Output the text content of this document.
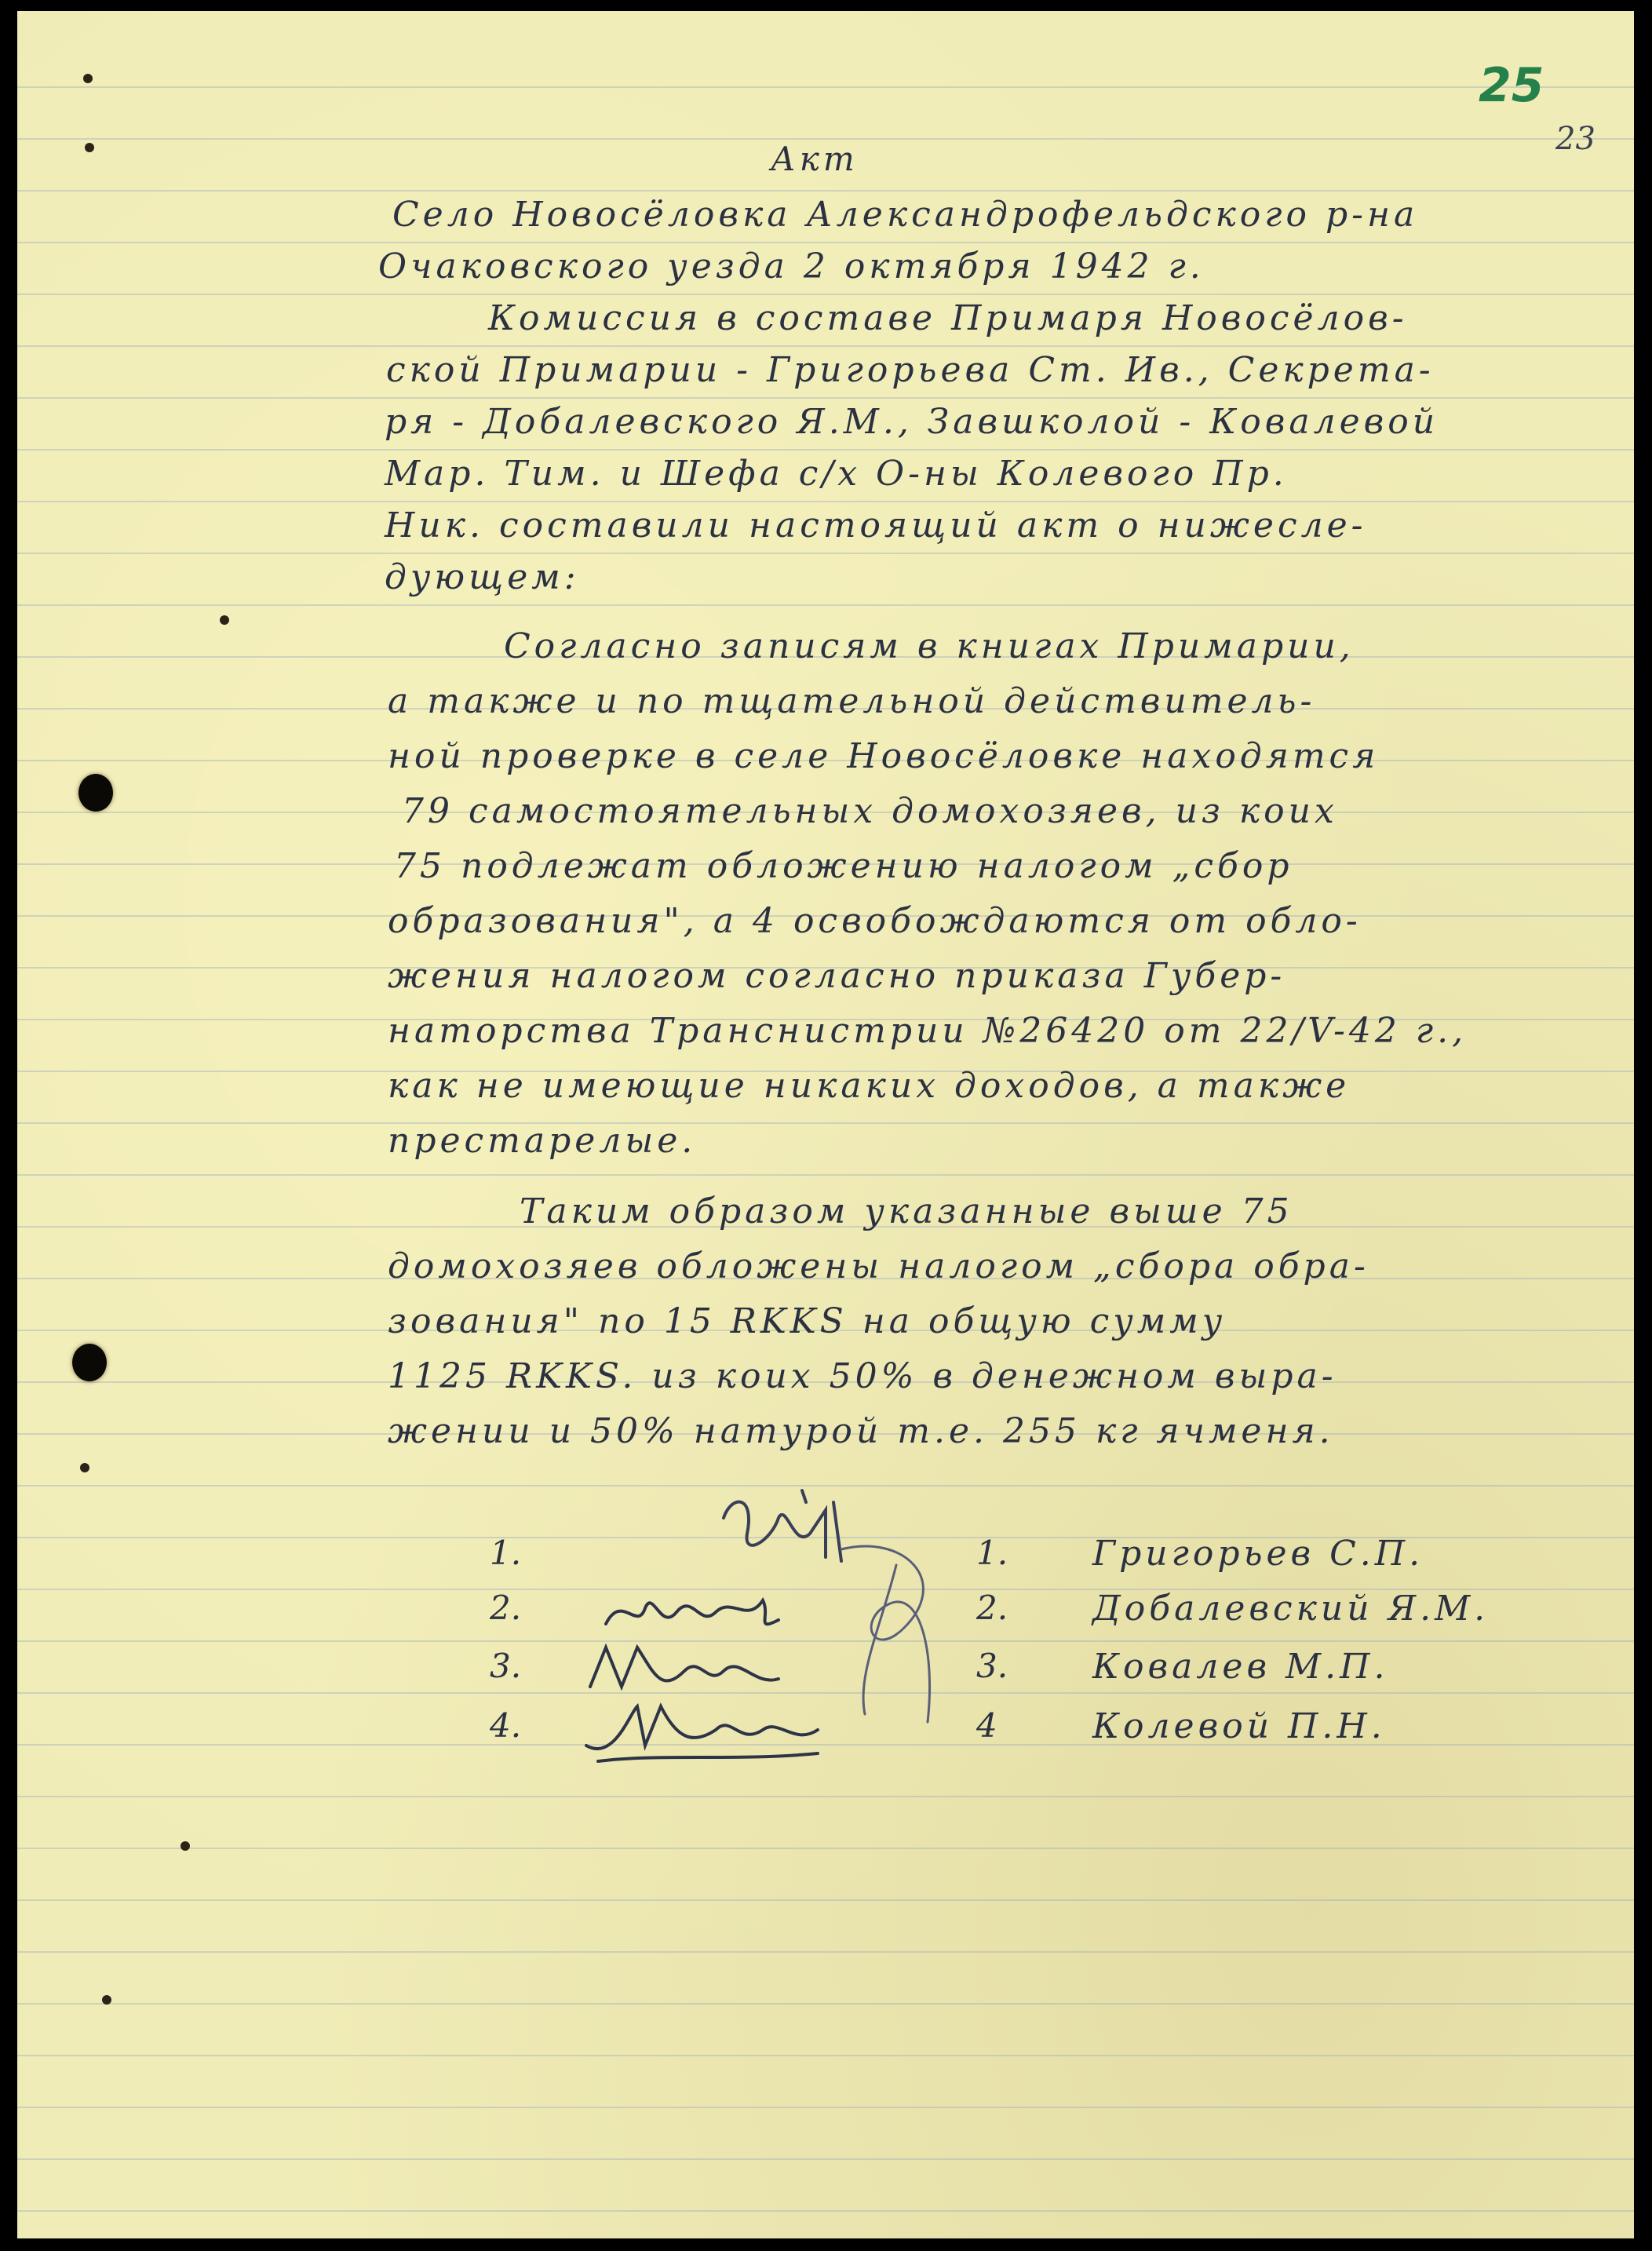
25

23

Акт

Село Новосёловка Александрофельдского р-на

Очаковского уезда 2 октября 1942 г.

Комиссия в составе Примаря Новосёлов-

ской Примарии - Григорьева Ст. Ив., Секрета-

ря - Добалевского Я.М., Завшколой - Ковалевой

Мар. Тим. и Шефа с/х О-ны Колевого Пр.

Ник. составили настоящий акт о нижесле-

дующем:

Согласно записям в книгах Примарии,

а также и по тщательной действитель-

ной проверке в селе Новосёловке находятся

79 самостоятельных домохозяев, из коих

75 подлежат обложению налогом „сбор

образования", а 4 освобождаются от обло-

жения налогом согласно приказа Губер-

наторства Транснистрии №26420 от 22/V-42 г.,

как не имеющие никаких доходов, а также

престарелые.

Таким образом указанные выше 75

домохозяев обложены налогом „сбора обра-

зования" по 15 RKKS на общую сумму

1125 RKKS. из коих 50% в денежном выра-

жении и 50% натурой т.е. 255 кг ячменя.

1.

2.

3.

4.

1.

2.

3.

4

Григорьев С.П.

Добалевский Я.М.

Ковалев М.П.

Колевой П.Н.
